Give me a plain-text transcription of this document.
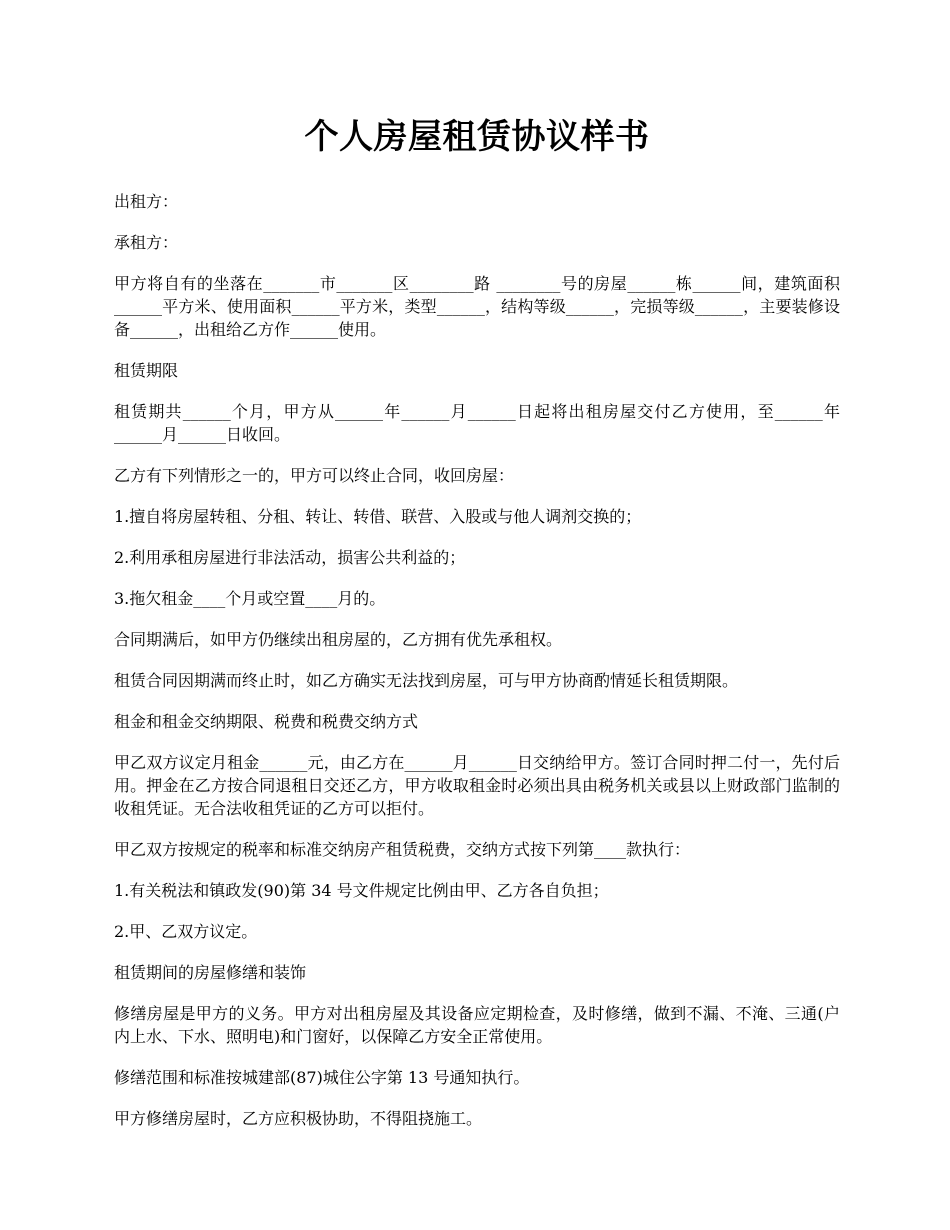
个人房屋租赁协议样书

出租方：

承租方：

甲方将自有的坐落在_______市_______区________路 ________号的房屋______栋______间，建筑面积______平方米、使用面积______平方米，类型______，结构等级______，完损等级______，主要装修设备______，出租给乙方作______使用。

租赁期限

租赁期共______个月，甲方从______年______月______日起将出租房屋交付乙方使用，至______年______月______日收回。

乙方有下列情形之一的，甲方可以终止合同，收回房屋：

1.擅自将房屋转租、分租、转让、转借、联营、入股或与他人调剂交换的；

2.利用承租房屋进行非法活动，损害公共利益的；

3.拖欠租金____个月或空置____月的。

合同期满后，如甲方仍继续出租房屋的，乙方拥有优先承租权。

租赁合同因期满而终止时，如乙方确实无法找到房屋，可与甲方协商酌情延长租赁期限。

租金和租金交纳期限、税费和税费交纳方式

甲乙双方议定月租金______元，由乙方在______月______日交纳给甲方。签订合同时押二付一，先付后用。押金在乙方按合同退租日交还乙方，甲方收取租金时必须出具由税务机关或县以上财政部门监制的收租凭证。无合法收租凭证的乙方可以拒付。

甲乙双方按规定的税率和标准交纳房产租赁税费，交纳方式按下列第____款执行：

1.有关税法和镇政发(90)第 34 号文件规定比例由甲、乙方各自负担；

2.甲、乙双方议定。

租赁期间的房屋修缮和装饰

修缮房屋是甲方的义务。甲方对出租房屋及其设备应定期检查，及时修缮，做到不漏、不淹、三通(户内上水、下水、照明电)和门窗好，以保障乙方安全正常使用。

修缮范围和标准按城建部(87)城住公字第 13 号通知执行。

甲方修缮房屋时，乙方应积极协助，不得阻挠施工。
